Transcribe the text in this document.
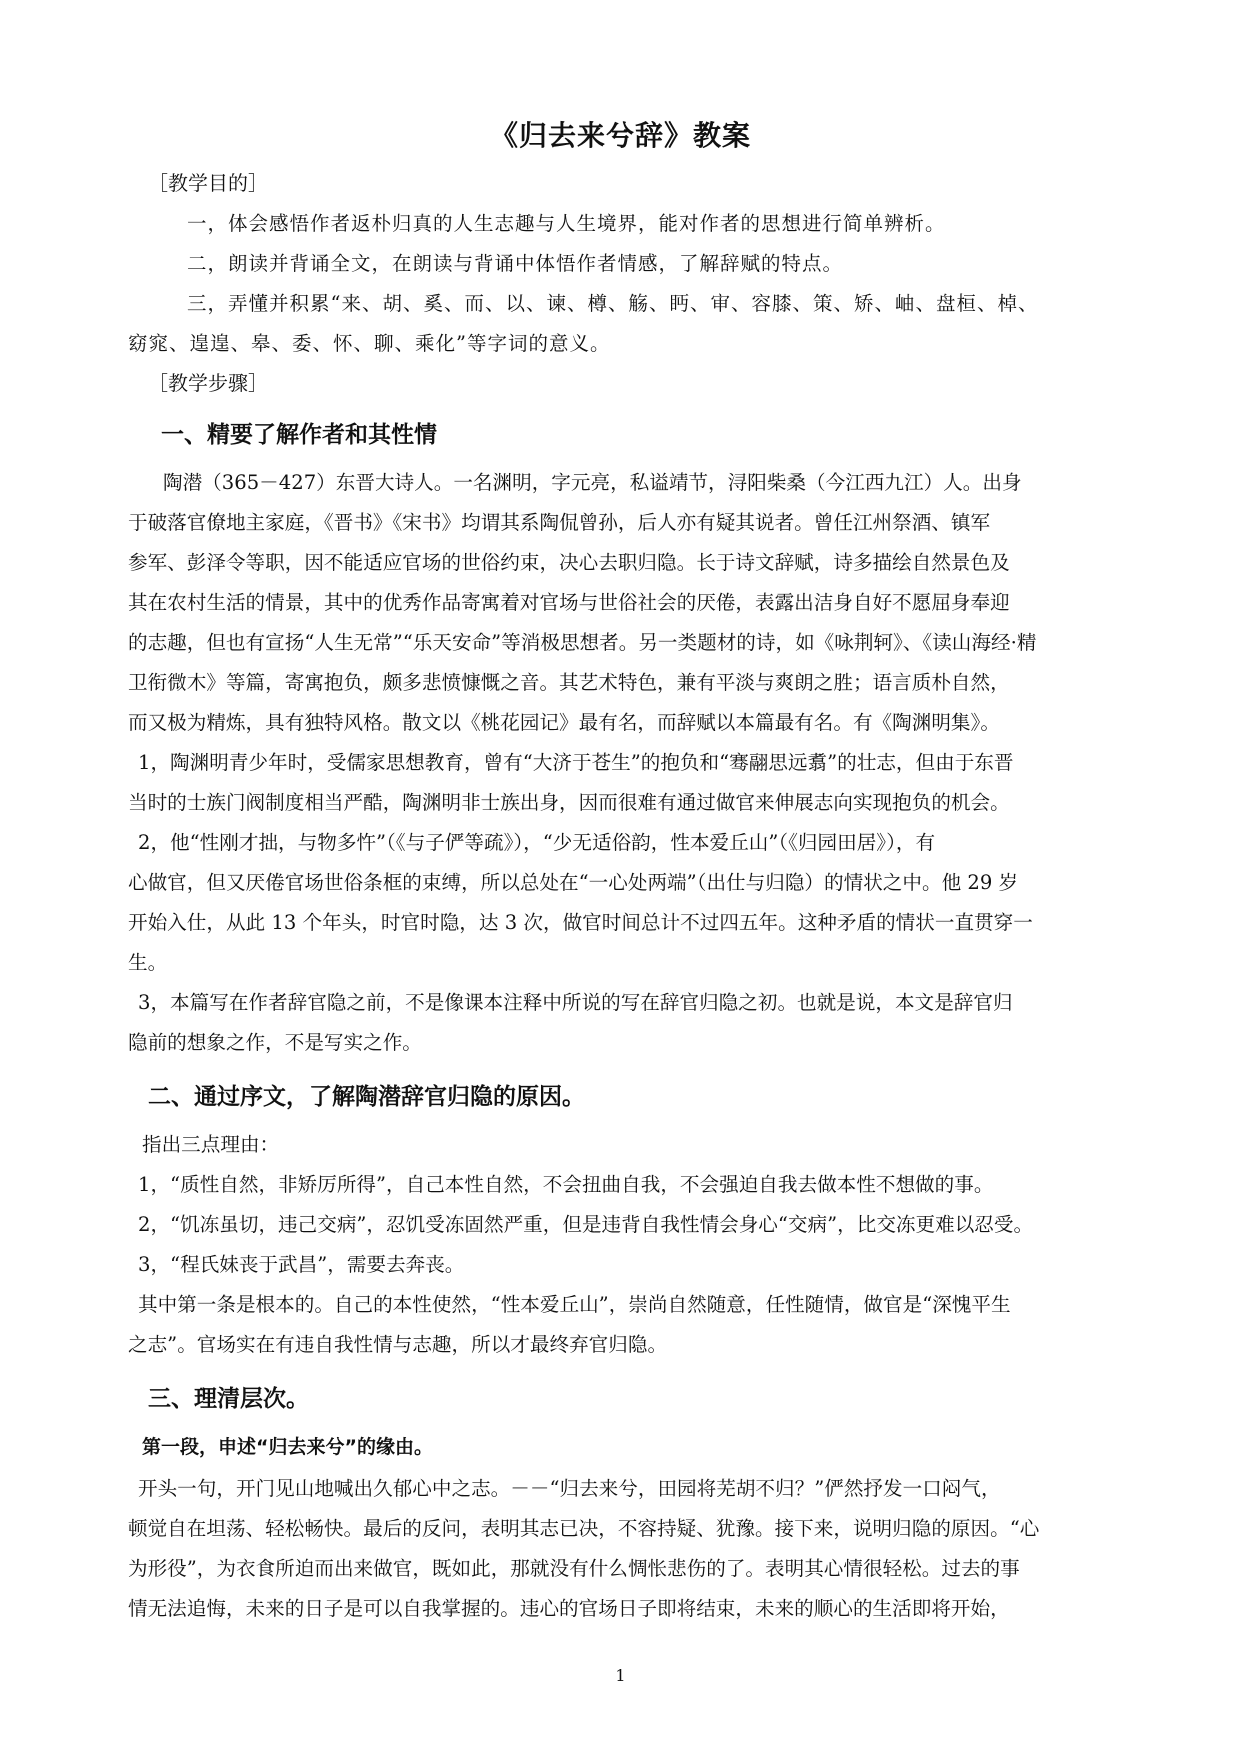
《归去来兮辞》教案
［教学目的］
一，体会感悟作者返朴归真的人生志趣与人生境界，能对作者的思想进行简单辨析。
二，朗读并背诵全文，在朗读与背诵中体悟作者情感，了解辞赋的特点。
三，弄懂并积累“来、胡、奚、而、以、谏、樽、觞、眄、审、容膝、策、矫、岫、盘桓、棹、
窈窕、遑遑、皋、委、怀、聊、乘化”等字词的意义。
［教学步骤］
一、精要了解作者和其性情
陶潜（365－427）东晋大诗人。一名渊明，字元亮，私谥靖节，浔阳柴桑（今江西九江）人。出身
于破落官僚地主家庭，《晋书》《宋书》均谓其系陶侃曾孙，后人亦有疑其说者。曾任江州祭酒、镇军
参军、彭泽令等职，因不能适应官场的世俗约束，决心去职归隐。长于诗文辞赋，诗多描绘自然景色及
其在农村生活的情景，其中的优秀作品寄寓着对官场与世俗社会的厌倦，表露出洁身自好不愿屈身奉迎
的志趣，但也有宣扬“人生无常”“乐天安命”等消极思想者。另一类题材的诗，如《咏荆轲》、《读山海经·精
卫衔微木》等篇，寄寓抱负，颇多悲愤慷慨之音。其艺术特色，兼有平淡与爽朗之胜；语言质朴自然，
而又极为精炼，具有独特风格。散文以《桃花园记》最有名，而辞赋以本篇最有名。有《陶渊明集》。
1，陶渊明青少年时，受儒家思想教育，曾有“大济于苍生”的抱负和“骞翮思远翥”的壮志，但由于东晋
当时的士族门阀制度相当严酷，陶渊明非士族出身，因而很难有通过做官来伸展志向实现抱负的机会。
2，他“性刚才拙，与物多忤”（《与子俨等疏》），“少无适俗韵，性本爱丘山”（《归园田居》），有
心做官，但又厌倦官场世俗条框的束缚，所以总处在“一心处两端”（出仕与归隐）的情状之中。他 29 岁
开始入仕，从此 13 个年头，时官时隐，达 3 次，做官时间总计不过四五年。这种矛盾的情状一直贯穿一
生。
3，本篇写在作者辞官隐之前，不是像课本注释中所说的写在辞官归隐之初。也就是说，本文是辞官归
隐前的想象之作，不是写实之作。
二、通过序文，了解陶潜辞官归隐的原因。
指出三点理由：
1，“质性自然，非矫厉所得”，自己本性自然，不会扭曲自我，不会强迫自我去做本性不想做的事。
2，“饥冻虽切，违己交病”，忍饥受冻固然严重，但是违背自我性情会身心“交病”，比交冻更难以忍受。
3，“程氏妹丧于武昌”，需要去奔丧。
其中第一条是根本的。自己的本性使然，“性本爱丘山”，崇尚自然随意，任性随情，做官是“深愧平生
之志”。官场实在有违自我性情与志趣，所以才最终弃官归隐。
三、理清层次。
第一段，申述“归去来兮”的缘由。
开头一句，开门见山地喊出久郁心中之志。－－“归去来兮，田园将芜胡不归？”俨然抒发一口闷气，
顿觉自在坦荡、轻松畅快。最后的反问，表明其志已决，不容持疑、犹豫。接下来，说明归隐的原因。“心
为形役”，为衣食所迫而出来做官，既如此，那就没有什么惆怅悲伤的了。表明其心情很轻松。过去的事
情无法追悔，未来的日子是可以自我掌握的。违心的官场日子即将结束，未来的顺心的生活即将开始，
1
